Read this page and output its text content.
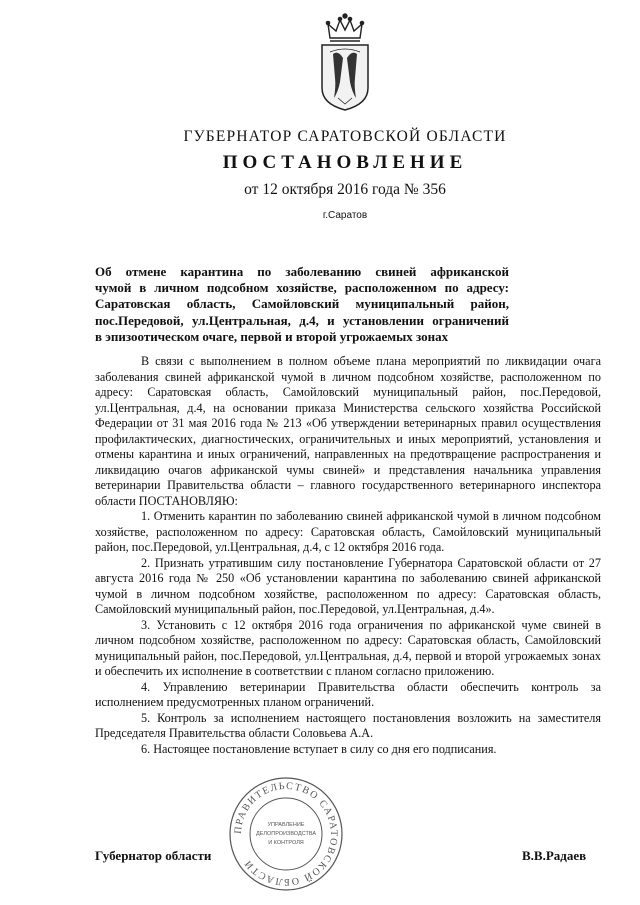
ГУБЕРНАТОР САРАТОВСКОЙ ОБЛАСТИ
ПОСТАНОВЛЕНИЕ
от 12 октября 2016 года № 356
г.Саратов
Об отмене карантина по заболеванию свиней африканской
чумой в личном подсобном хозяйстве, расположенном по адресу:
Саратовская область, Самойловский муниципальный район,
пос.Передовой, ул.Центральная, д.4, и установлении ограничений
в эпизоотическом очаге, первой и второй угрожаемых зонах

В связи с выполнением в полном объеме плана мероприятий по ликвидации очага заболевания свиней африканской чумой в личном подсобном хозяйстве, расположенном по адресу: Саратовская область, Самойловский муниципальный район, пос.Передовой, ул.Центральная, д.4, на основании приказа Министерства сельского хозяйства Российской Федерации от 31 мая 2016 года № 213 «Об утверждении ветеринарных правил осуществления профилактических, диагностических, ограничительных и иных мероприятий, установления и отмены карантина и иных ограничений, направленных на предотвращение распространения и ликвидацию очагов африканской чумы свиней» и представления начальника управления ветеринарии Правительства области – главного государственного ветеринарного инспектора области ПОСТАНОВЛЯЮ:

1. Отменить карантин по заболеванию свиней африканской чумой в личном подсобном хозяйстве, расположенном по адресу: Саратовская область, Самойловский муниципальный район, пос.Передовой, ул.Центральная, д.4, с 12 октября 2016 года.

2. Признать утратившим силу постановление Губернатора Саратовской области от 27 августа 2016 года № 250 «Об установлении карантина по заболеванию свиней африканской чумой в личном подсобном хозяйстве, расположенном по адресу: Саратовская область, Самойловский муниципальный район, пос.Передовой, ул.Центральная, д.4».

3. Установить с 12 октября 2016 года ограничения по африканской чуме свиней в личном подсобном хозяйстве, расположенном по адресу: Саратовская область, Самойловский муниципальный район, пос.Передовой, ул.Центральная, д.4, первой и второй угрожаемых зонах и обеспечить их исполнение в соответствии с планом согласно приложению.

4. Управлению ветеринарии Правительства области обеспечить контроль за исполнением предусмотренных планом ограничений.

5. Контроль за исполнением настоящего постановления возложить на заместителя Председателя Правительства области Соловьева А.А.

6. Настоящее постановление вступает в силу со дня его подписания.

ПРАВИТЕЛЬСТВО САРАТОВСКОЙ ОБЛАСТИ
УПРАВЛЕНИЕ
ДЕЛОПРОИЗВОДСТВА
И КОНТРОЛЯ
Губернатор области	В.В.Радаев
